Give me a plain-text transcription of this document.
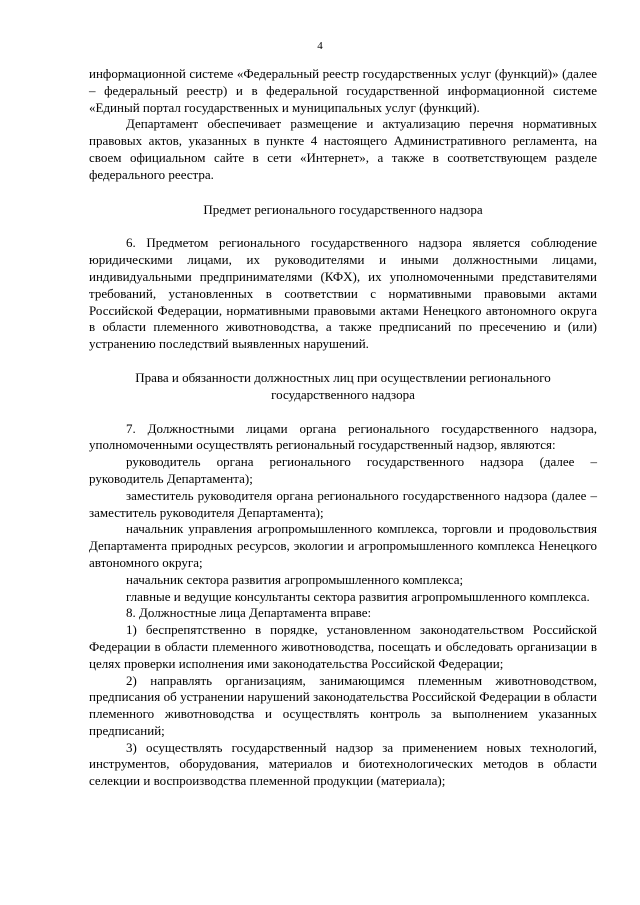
4

информационной системе «Федеральный реестр государственных услуг (функций)» (далее – федеральный реестр) и в федеральной государственной информационной системе «Единый портал государственных и муниципальных услуг (функций).

Департамент обеспечивает размещение и актуализацию перечня нормативных правовых актов, указанных в пункте 4 настоящего Административного регламента, на своем официальном сайте в сети «Интернет», а также в соответствующем разделе федерального реестра.

Предмет регионального государственного надзора

6. Предметом регионального государственного надзора является соблюдение юридическими лицами, их руководителями и иными должностными лицами, индивидуальными предпринимателями (КФХ), их уполномоченными представителями требований, установленных в соответствии с нормативными правовыми актами Российской Федерации, нормативными правовыми актами Ненецкого автономного округа в области племенного животноводства, а также предписаний по пресечению и (или) устранению последствий выявленных нарушений.

Права и обязанности должностных лиц при осуществлении регионального государственного надзора

7. Должностными лицами органа регионального государственного надзора, уполномоченными осуществлять региональный государственный надзор, являются:

руководитель органа регионального государственного надзора (далее – руководитель Департамента);

заместитель руководителя органа регионального государственного надзора (далее – заместитель руководителя Департамента);

начальник управления агропромышленного комплекса, торговли и продовольствия Департамента природных ресурсов, экологии и агропромышленного комплекса Ненецкого автономного округа;

начальник сектора развития агропромышленного комплекса;

главные и ведущие консультанты сектора развития агропромышленного комплекса.

8. Должностные лица Департамента вправе:

1) беспрепятственно в порядке, установленном законодательством Российской Федерации в области племенного животноводства, посещать и обследовать организации в целях проверки исполнения ими законодательства Российской Федерации;

2) направлять организациям, занимающимся племенным животноводством, предписания об устранении нарушений законодательства Российской Федерации в области племенного животноводства и осуществлять контроль за выполнением указанных предписаний;

3) осуществлять государственный надзор за применением новых технологий, инструментов, оборудования, материалов и биотехнологических методов в области селекции и воспроизводства племенной продукции (материала);
